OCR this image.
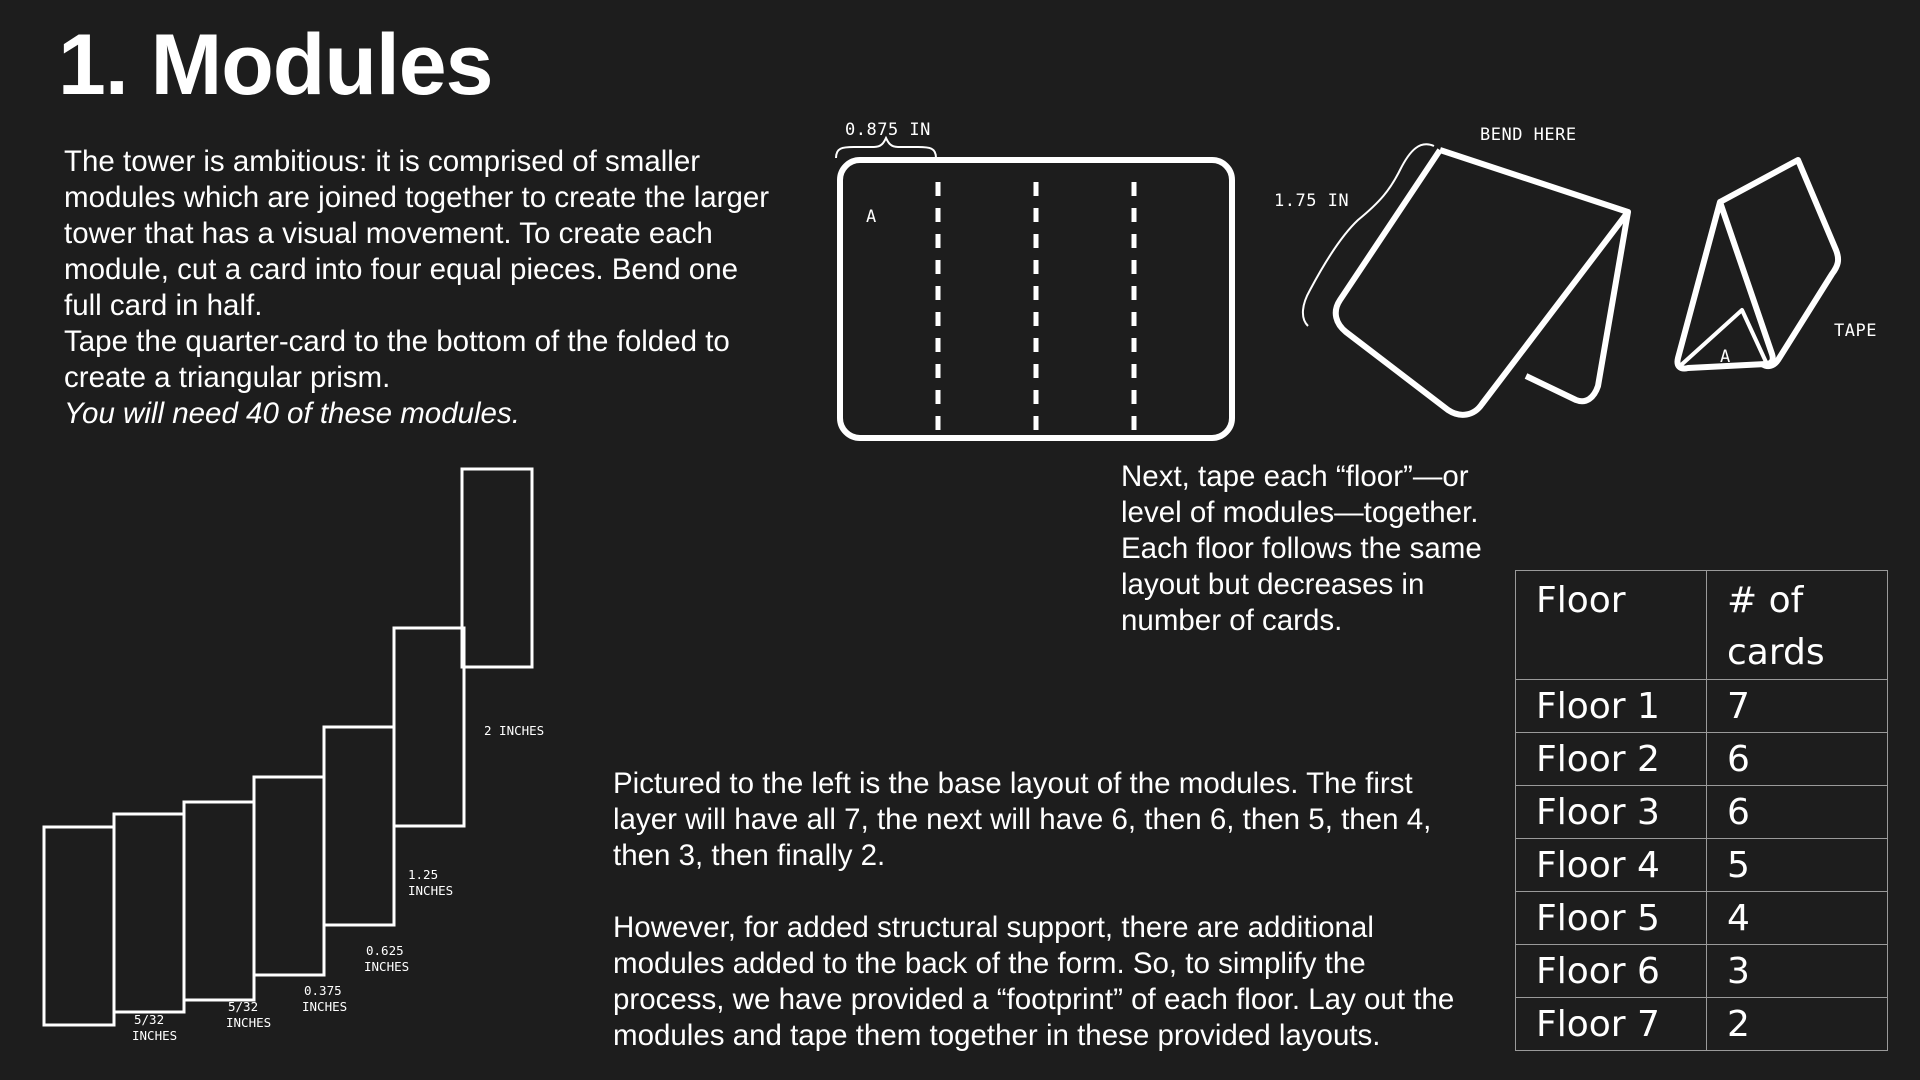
1. Modules
The tower is ambitious: it is comprised of smaller
modules which are joined together to create the larger
tower that has a visual movement. To create each
module, cut a card into four equal pieces. Bend one
full card in half.
Tape the quarter-card to the bottom of the folded to
create a triangular prism.
You will need 40 of these modules.
0.875 IN
A
BEND HERE
1.75 IN
A
TAPE
Next, tape each “floor”—or
level of modules—together.
Each floor follows the same
layout but decreases in
number of cards.
2 INCHES
1.25
INCHES
0.625
INCHES
0.375
INCHES
5/32
INCHES
5/32
INCHES
Pictured to the left is the base layout of the modules. The first
layer will have all 7, the next will have 6, then 6, then 5, then 4,
then 3, then finally 2.
However, for added structural support, there are additional
modules added to the back of the form. So, to simplify the
process, we have provided a “footprint” of each floor. Lay out the
modules and tape them together in these provided layouts.
Floor	# of cards

Floor 1	7
Floor 2	6
Floor 3	6
Floor 4	5
Floor 5	4
Floor 6	3
Floor 7	2
